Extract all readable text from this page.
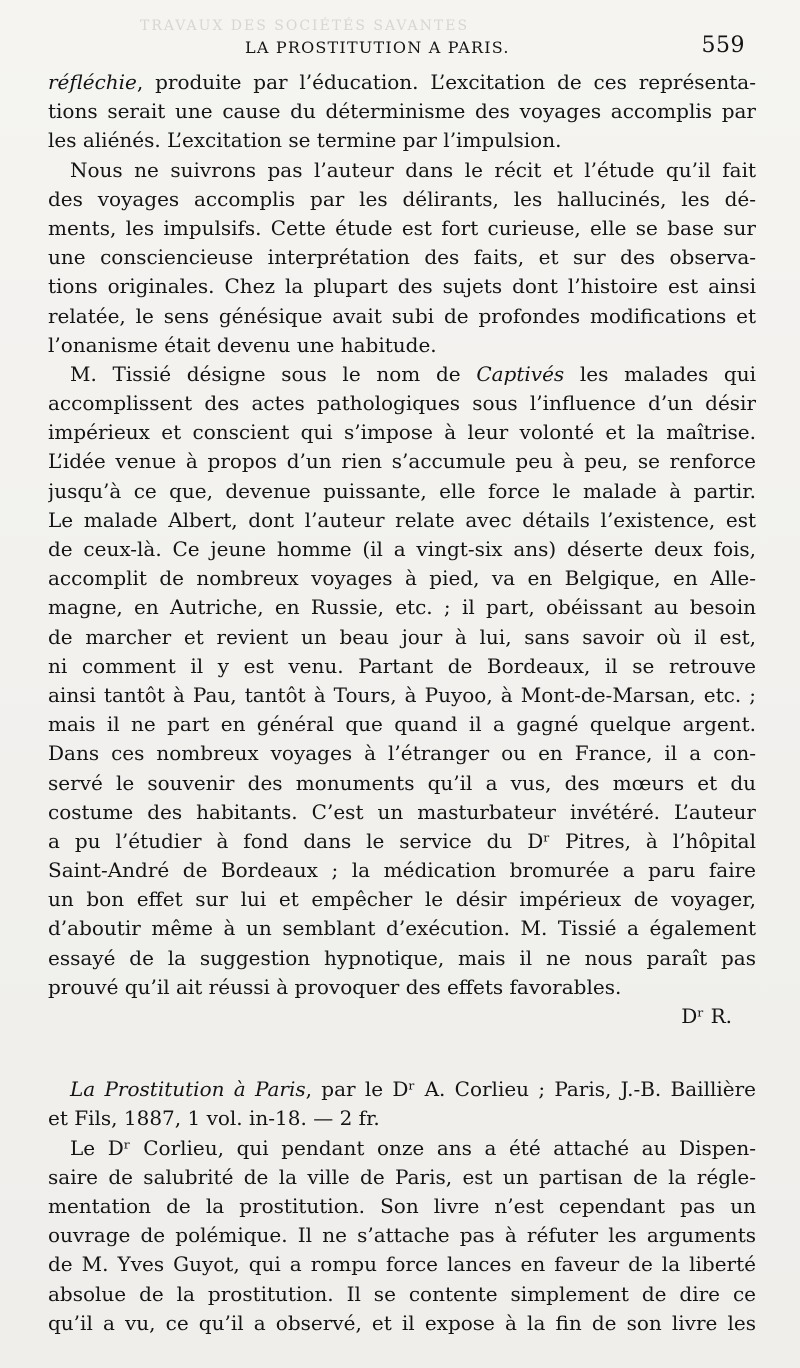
TRAVAUX DES SOCIÉTÉS SAVANTES
LA PROSTITUTION A PARIS.	559
réfléchie, produite par l’éducation. L’excitation de ces représenta-
tions serait une cause du déterminisme des voyages accomplis par
les aliénés. L’excitation se termine par l’impulsion.
Nous ne suivrons pas l’auteur dans le récit et l’étude qu’il fait
des voyages accomplis par les délirants, les hallucinés, les dé-
ments, les impulsifs. Cette étude est fort curieuse, elle se base sur
une consciencieuse interprétation des faits, et sur des observa-
tions originales. Chez la plupart des sujets dont l’histoire est ainsi
relatée, le sens génésique avait subi de profondes modifications et
l’onanisme était devenu une habitude.
M. Tissié désigne sous le nom de Captivés les malades qui
accomplissent des actes pathologiques sous l’influence d’un désir
impérieux et conscient qui s’impose à leur volonté et la maîtrise.
L’idée venue à propos d’un rien s’accumule peu à peu, se renforce
jusqu’à ce que, devenue puissante, elle force le malade à partir.
Le malade Albert, dont l’auteur relate avec détails l’existence, est
de ceux-là. Ce jeune homme (il a vingt-six ans) déserte deux fois,
accomplit de nombreux voyages à pied, va en Belgique, en Alle-
magne, en Autriche, en Russie, etc. ; il part, obéissant au besoin
de marcher et revient un beau jour à lui, sans savoir où il est,
ni comment il y est venu. Partant de Bordeaux, il se retrouve
ainsi tantôt à Pau, tantôt à Tours, à Puyoo, à Mont-de-Marsan, etc. ;
mais il ne part en général que quand il a gagné quelque argent.
Dans ces nombreux voyages à l’étranger ou en France, il a con-
servé le souvenir des monuments qu’il a vus, des mœurs et du
costume des habitants. C’est un masturbateur invétéré. L’auteur
a pu l’étudier à fond dans le service du Dʳ Pitres, à l’hôpital
Saint-André de Bordeaux ; la médication bromurée a paru faire
un bon effet sur lui et empêcher le désir impérieux de voyager,
d’aboutir même à un semblant d’exécution. M. Tissié a également
essayé de la suggestion hypnotique, mais il ne nous paraît pas
prouvé qu’il ait réussi à provoquer des effets favorables.
Dʳ R.
La Prostitution à Paris, par le Dʳ A. Corlieu ; Paris, J.-B. Baillière
et Fils, 1887, 1 vol. in-18. — 2 fr.
Le Dʳ Corlieu, qui pendant onze ans a été attaché au Dispen-
saire de salubrité de la ville de Paris, est un partisan de la régle-
mentation de la prostitution. Son livre n’est cependant pas un
ouvrage de polémique. Il ne s’attache pas à réfuter les arguments
de M. Yves Guyot, qui a rompu force lances en faveur de la liberté
absolue de la prostitution. Il se contente simplement de dire ce
qu’il a vu, ce qu’il a observé, et il expose à la fin de son livre les
